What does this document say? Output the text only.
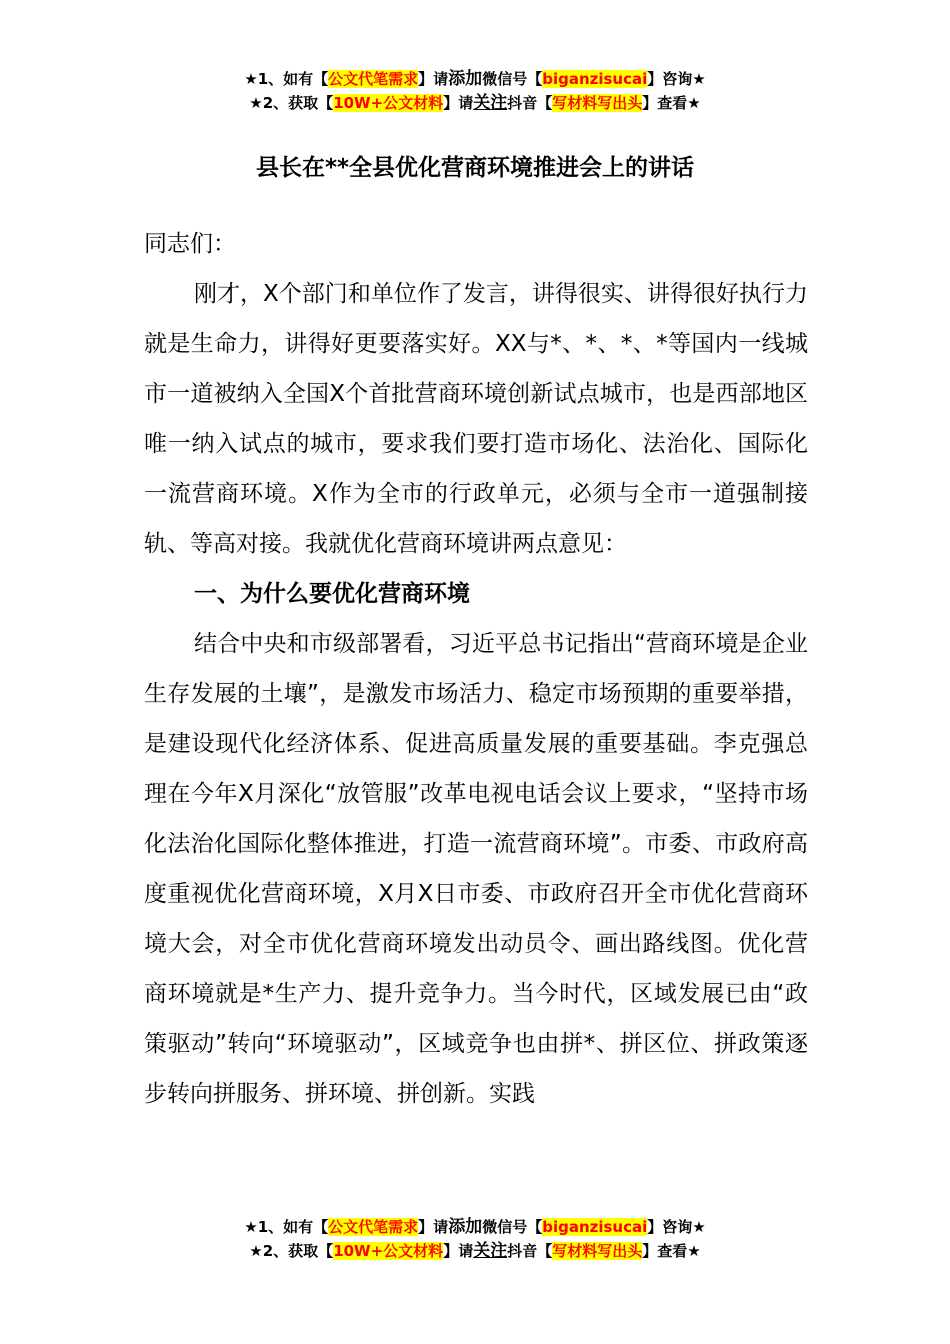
★1、如有【公文代笔需求】请添加微信号【biganzisucai】咨询★
★2、获取【10W+公文材料】请关注抖音【写材料写出头】查看★
县长在**全县优化营商环境推进会上的讲话

同志们：

刚才，X个部门和单位作了发言，讲得很实、讲得很好执行力就是生命力，讲得好更要落实好。XX与*、*、*、*等国内一线城市一道被纳入全国X个首批营商环境创新试点城市，也是西部地区唯一纳入试点的城市，要求我们要打造市场化、法治化、国际化一流营商环境。X作为全市的行政单元，必须与全市一道强制接轨、等高对接。我就优化营商环境讲两点意见：

一、为什么要优化营商环境

结合中央和市级部署看，习近平总书记指出“营商环境是企业生存发展的土壤”，是激发市场活力、稳定市场预期的重要举措，是建设现代化经济体系、促进高质量发展的重要基础。李克强总理在今年X月深化“放管服”改革电视电话会议上要求，“坚持市场化法治化国际化整体推进，打造一流营商环境”。市委、市政府高度重视优化营商环境，X月X日市委、市政府召开全市优化营商环境大会，对全市优化营商环境发出动员令、画出路线图。优化营商环境就是*生产力、提升竞争力。当今时代，区域发展已由“政策驱动”转向“环境驱动”，区域竞争也由拼*、拼区位、拼政策逐步转向拼服务、拼环境、拼创新。实践

★1、如有【公文代笔需求】请添加微信号【biganzisucai】咨询★
★2、获取【10W+公文材料】请关注抖音【写材料写出头】查看★
